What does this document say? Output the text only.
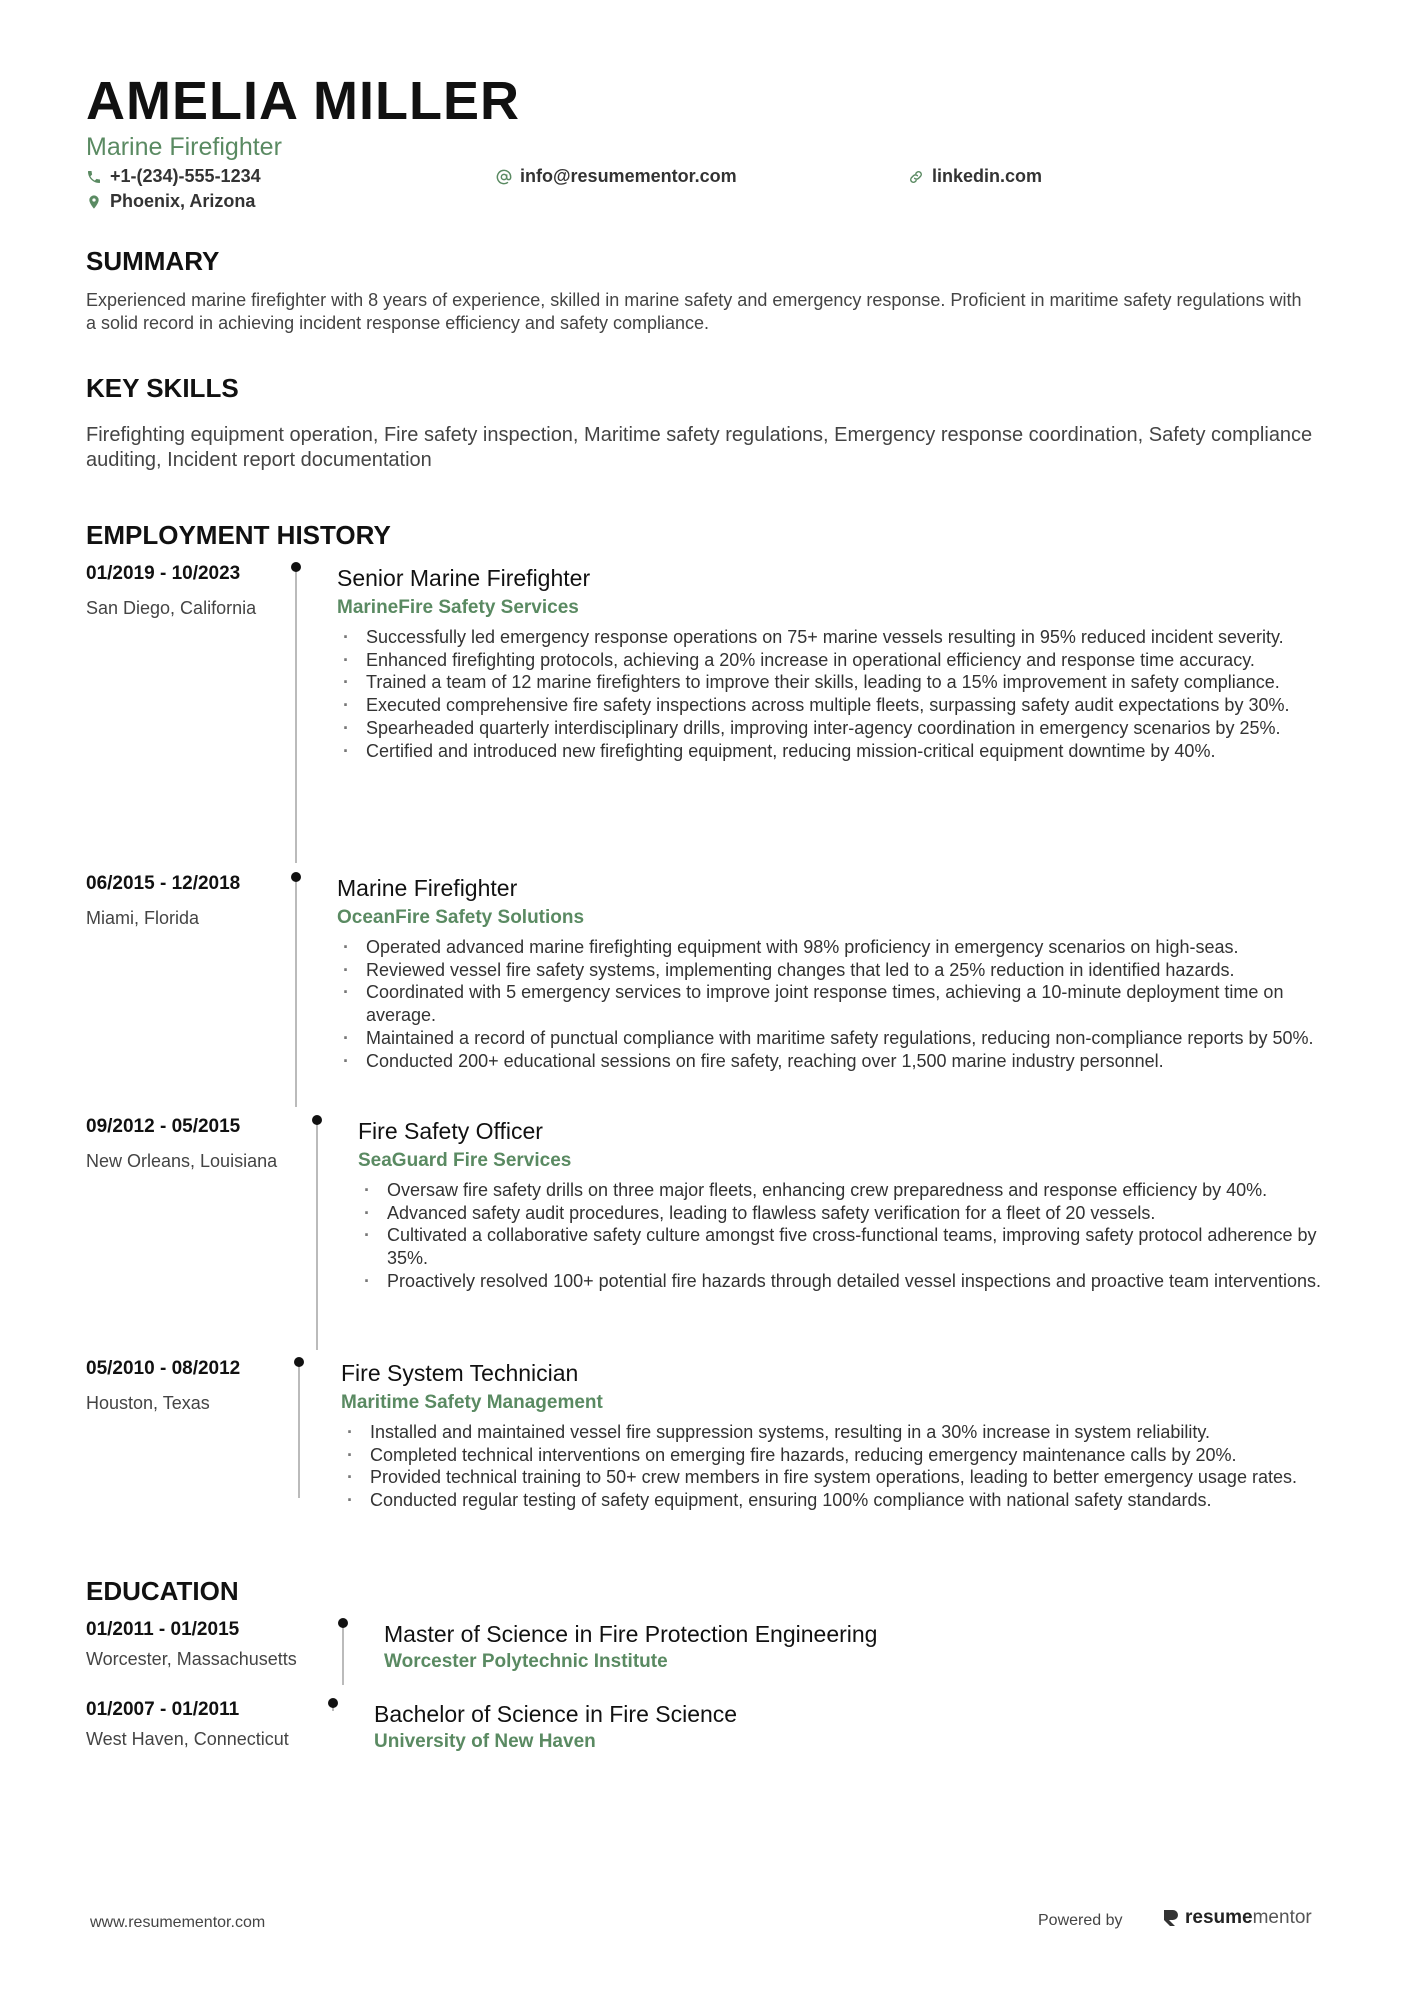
AMELIA MILLER
Marine Firefighter
+1-(234)-555-1234	info@resumementor.com	linkedin.com
Phoenix, Arizona
SUMMARY
Experienced marine firefighter with 8 years of experience, skilled in marine safety and emergency response. Proficient in maritime safety regulations with a solid record in achieving incident response efficiency and safety compliance.
KEY SKILLS
Firefighting equipment operation, Fire safety inspection, Maritime safety regulations, Emergency response coordination, Safety compliance auditing, Incident report documentation
EMPLOYMENT HISTORY
01/2019 - 10/2023
San Diego, California
Senior Marine Firefighter
MarineFire Safety Services
· Successfully led emergency response operations on 75+ marine vessels resulting in 95% reduced incident severity.
· Enhanced firefighting protocols, achieving a 20% increase in operational efficiency and response time accuracy.
· Trained a team of 12 marine firefighters to improve their skills, leading to a 15% improvement in safety compliance.
· Executed comprehensive fire safety inspections across multiple fleets, surpassing safety audit expectations by 30%.
· Spearheaded quarterly interdisciplinary drills, improving inter-agency coordination in emergency scenarios by 25%.
· Certified and introduced new firefighting equipment, reducing mission-critical equipment downtime by 40%.
06/2015 - 12/2018
Miami, Florida
Marine Firefighter
OceanFire Safety Solutions
· Operated advanced marine firefighting equipment with 98% proficiency in emergency scenarios on high-seas.
· Reviewed vessel fire safety systems, implementing changes that led to a 25% reduction in identified hazards.
· Coordinated with 5 emergency services to improve joint response times, achieving a 10-minute deployment time on average.
· Maintained a record of punctual compliance with maritime safety regulations, reducing non-compliance reports by 50%.
· Conducted 200+ educational sessions on fire safety, reaching over 1,500 marine industry personnel.
09/2012 - 05/2015
New Orleans, Louisiana
Fire Safety Officer
SeaGuard Fire Services
· Oversaw fire safety drills on three major fleets, enhancing crew preparedness and response efficiency by 40%.
· Advanced safety audit procedures, leading to flawless safety verification for a fleet of 20 vessels.
· Cultivated a collaborative safety culture amongst five cross-functional teams, improving safety protocol adherence by 35%.
· Proactively resolved 100+ potential fire hazards through detailed vessel inspections and proactive team interventions.
05/2010 - 08/2012
Houston, Texas
Fire System Technician
Maritime Safety Management
· Installed and maintained vessel fire suppression systems, resulting in a 30% increase in system reliability.
· Completed technical interventions on emerging fire hazards, reducing emergency maintenance calls by 20%.
· Provided technical training to 50+ crew members in fire system operations, leading to better emergency usage rates.
· Conducted regular testing of safety equipment, ensuring 100% compliance with national safety standards.
EDUCATION
01/2011 - 01/2015
Worcester, Massachusetts
Master of Science in Fire Protection Engineering
Worcester Polytechnic Institute
01/2007 - 01/2011
West Haven, Connecticut
Bachelor of Science in Fire Science
University of New Haven
www.resumementor.com	Powered by	resume mentor
